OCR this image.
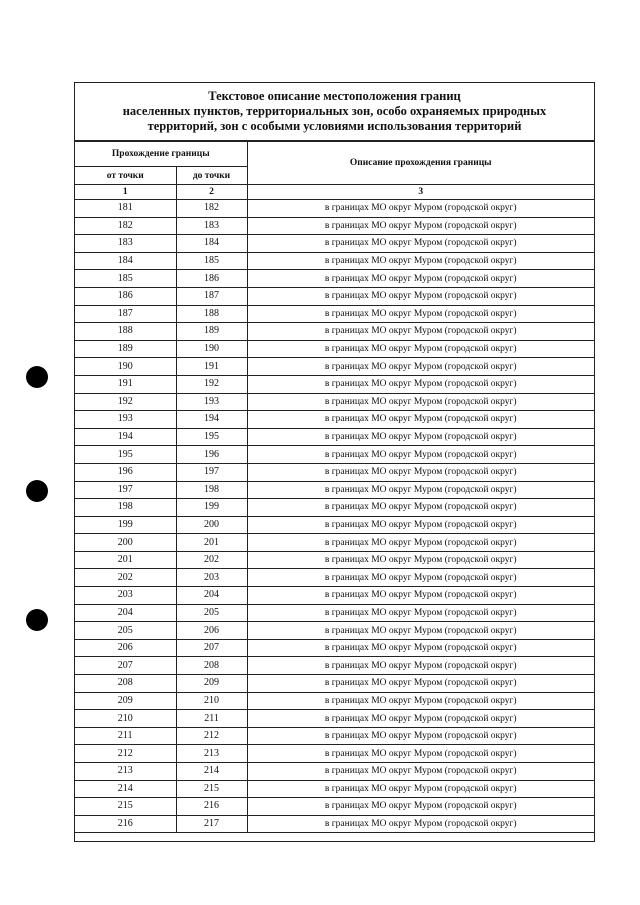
Текстовое описание местоположения границ
населенных пунктов, территориальных зон, особо охраняемых природных
территорий, зон с особыми условиями использования территорий
Прохождение границы		Описание прохождения границы
от точки	до точки	
1	2	3
181	182	в границах МО округ Муром (городской округ)
182	183	в границах МО округ Муром (городской округ)
183	184	в границах МО округ Муром (городской округ)
184	185	в границах МО округ Муром (городской округ)
185	186	в границах МО округ Муром (городской округ)
186	187	в границах МО округ Муром (городской округ)
187	188	в границах МО округ Муром (городской округ)
188	189	в границах МО округ Муром (городской округ)
189	190	в границах МО округ Муром (городской округ)
190	191	в границах МО округ Муром (городской округ)
191	192	в границах МО округ Муром (городской округ)
192	193	в границах МО округ Муром (городской округ)
193	194	в границах МО округ Муром (городской округ)
194	195	в границах МО округ Муром (городской округ)
195	196	в границах МО округ Муром (городской округ)
196	197	в границах МО округ Муром (городской округ)
197	198	в границах МО округ Муром (городской округ)
198	199	в границах МО округ Муром (городской округ)
199	200	в границах МО округ Муром (городской округ)
200	201	в границах МО округ Муром (городской округ)
201	202	в границах МО округ Муром (городской округ)
202	203	в границах МО округ Муром (городской округ)
203	204	в границах МО округ Муром (городской округ)
204	205	в границах МО округ Муром (городской округ)
205	206	в границах МО округ Муром (городской округ)
206	207	в границах МО округ Муром (городской округ)
207	208	в границах МО округ Муром (городской округ)
208	209	в границах МО округ Муром (городской округ)
209	210	в границах МО округ Муром (городской округ)
210	211	в границах МО округ Муром (городской округ)
211	212	в границах МО округ Муром (городской округ)
212	213	в границах МО округ Муром (городской округ)
213	214	в границах МО округ Муром (городской округ)
214	215	в границах МО округ Муром (городской округ)
215	216	в границах МО округ Муром (городской округ)
216	217	в границах МО округ Муром (городской округ)
